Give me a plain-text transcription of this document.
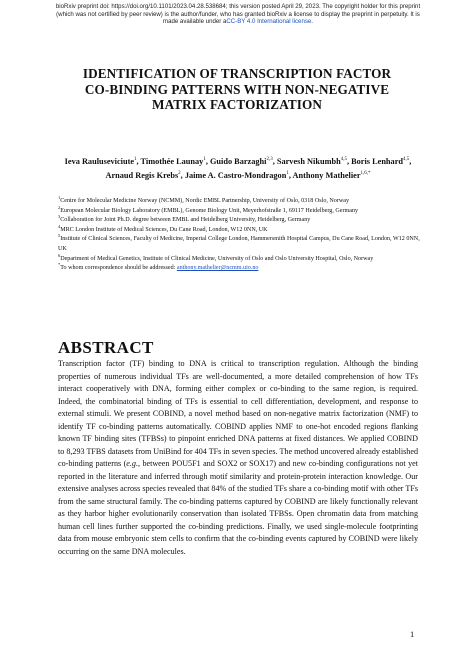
bioRxiv preprint doi: https://doi.org/10.1101/2023.04.28.538684; this version posted April 29, 2023. The copyright holder for this preprint
(which was not certified by peer review) is the author/funder, who has granted bioRxiv a license to display the preprint in perpetuity. It is
made available under aCC-BY 4.0 International license.
IDENTIFICATION OF TRANSCRIPTION FACTOR
CO-BINDING PATTERNS WITH NON-NEGATIVE
MATRIX FACTORIZATION
Ieva Rauluseviciute$^1$, Timothée Launay$^1$, Guido Barzaghi$^{2,3}$, Sarvesh Nikumbh$^{4,5}$, Boris Lenhard$^{4,5}$, Arnaud Regis Krebs$^2$, Jaime A. Castro-Mondragon$^1$, Anthony Mathelier$^{1,6,*}$
$^1$Centre for Molecular Medicine Norway (NCMM), Nordic EMBL Partnership, University of Oslo, 0318 Oslo, Norway
$^2$European Molecular Biology Laboratory (EMBL), Genome Biology Unit, Meyerhofstraße 1, 69117 Heidelberg, Germany
$^3$Collaboration for Joint Ph.D. degree between EMBL and Heidelberg University, Heidelberg, Germany
$^4$MRC London Institute of Medical Sciences, Du Cane Road, London, W12 0NN, UK
$^5$Institute of Clinical Sciences, Faculty of Medicine, Imperial College London, Hammersmith Hospital Campus, Du Cane Road, London, W12 0NN, UK
$^6$Department of Medical Genetics, Institute of Clinical Medicine, University of Oslo and Oslo University Hospital, Oslo, Norway
*To whom correspondence should be addressed: anthony.mathelier@ncmm.uio.no
ABSTRACT

Transcription factor (TF) binding to DNA is critical to transcription regulation. Although the binding properties of numerous individual TFs are well-documented, a more detailed comprehension of how TFs interact cooperatively with DNA, forming either complex or co-binding to the same region, is required. Indeed, the combinatorial binding of TFs is essential to cell differentiation, development, and response to external stimuli. We present COBIND, a novel method based on non-negative matrix factorization (NMF) to identify TF co-binding patterns automatically. COBIND applies NMF to one-hot encoded regions flanking known TF binding sites (TFBSs) to pinpoint enriched DNA patterns at fixed distances. We applied COBIND to 8,293 TFBS datasets from UniBind for 404 TFs in seven species. The method uncovered already established co-binding patterns (e.g., between POU5F1 and SOX2 or SOX17) and new co-binding configurations not yet reported in the literature and inferred through motif similarity and protein-protein interaction knowledge. Our extensive analyses across species revealed that 84% of the studied TFs share a co-binding motif with other TFs from the same structural family. The co-binding patterns captured by COBIND are likely functionally relevant as they harbor higher evolutionarily conservation than isolated TFBSs. Open chromatin data from matching human cell lines further supported the co-binding predictions. Finally, we used single-molecule footprinting data from mouse embryonic stem cells to confirm that the co-binding events captured by COBIND were likely occurring on the same DNA molecules.

1
